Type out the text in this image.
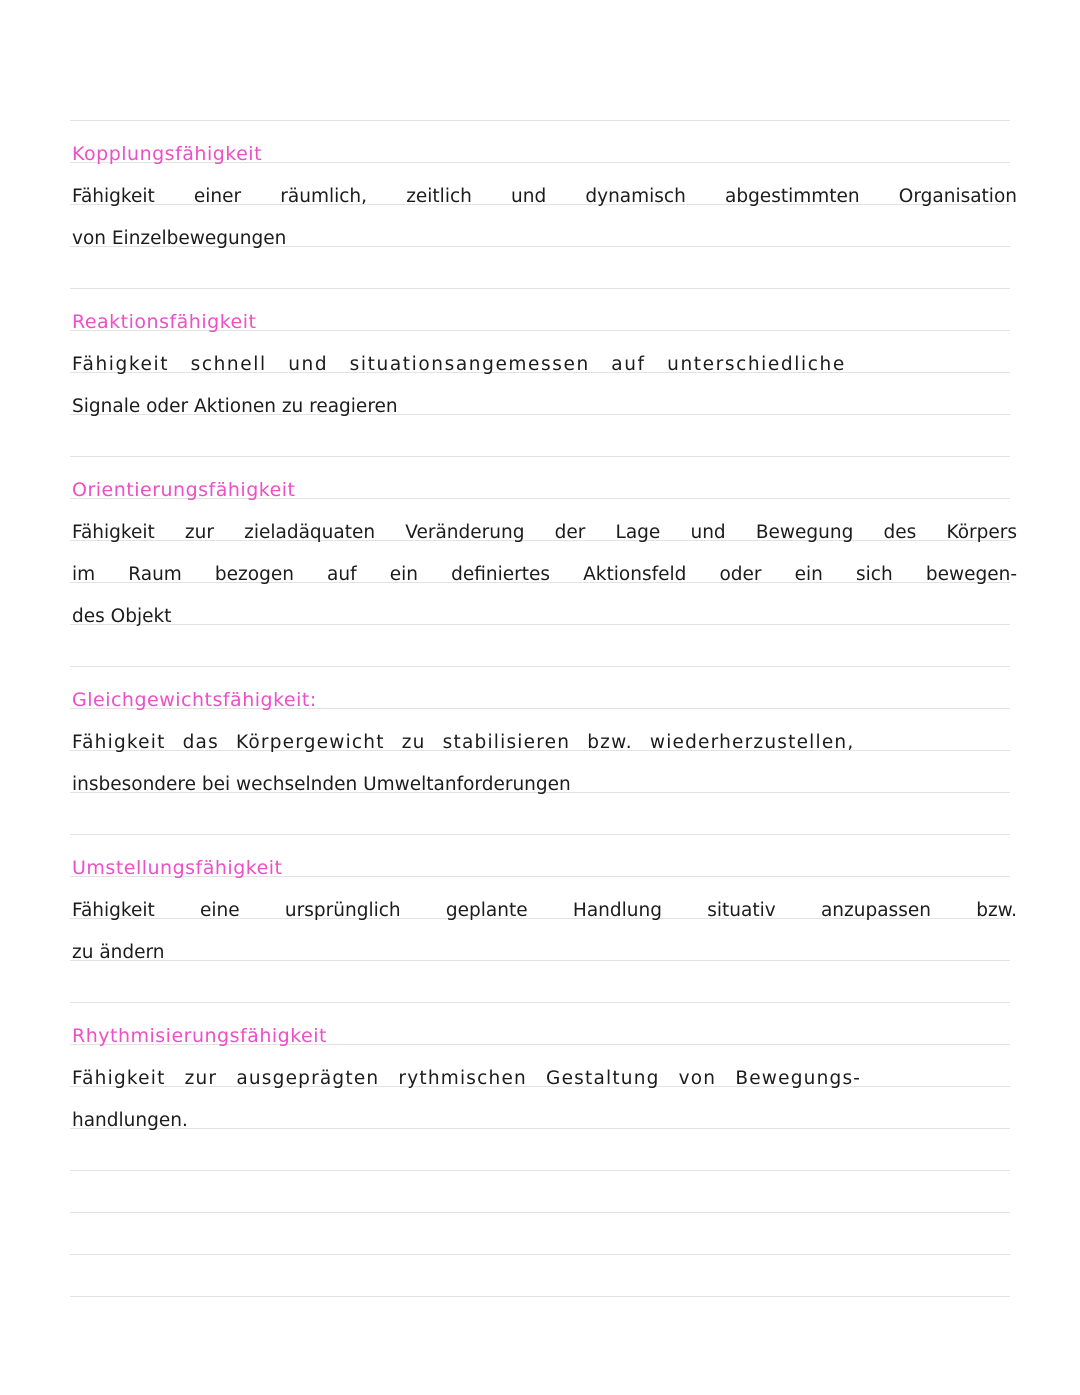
Kopplungsfähigkeit
Fähigkeit einer räumlich, zeitlich und dynamisch abgestimmten Organisation
von Einzelbewegungen
Reaktionsfähigkeit
Fähigkeit schnell und situationsangemessen auf unterschiedliche
Signale oder Aktionen zu reagieren
Orientierungsfähigkeit
Fähigkeit zur zieladäquaten Veränderung der Lage und Bewegung des Körpers
im Raum bezogen auf ein definiertes Aktionsfeld oder ein sich bewegen-
des Objekt
Gleichgewichtsfähigkeit:
Fähigkeit das Körpergewicht zu stabilisieren bzw. wiederherzustellen,
insbesondere bei wechselnden Umweltanforderungen
Umstellungsfähigkeit
Fähigkeit eine ursprünglich geplante Handlung situativ anzupassen bzw.
zu ändern
Rhythmisierungsfähigkeit
Fähigkeit zur ausgeprägten rythmischen Gestaltung von Bewegungs-
handlungen.
